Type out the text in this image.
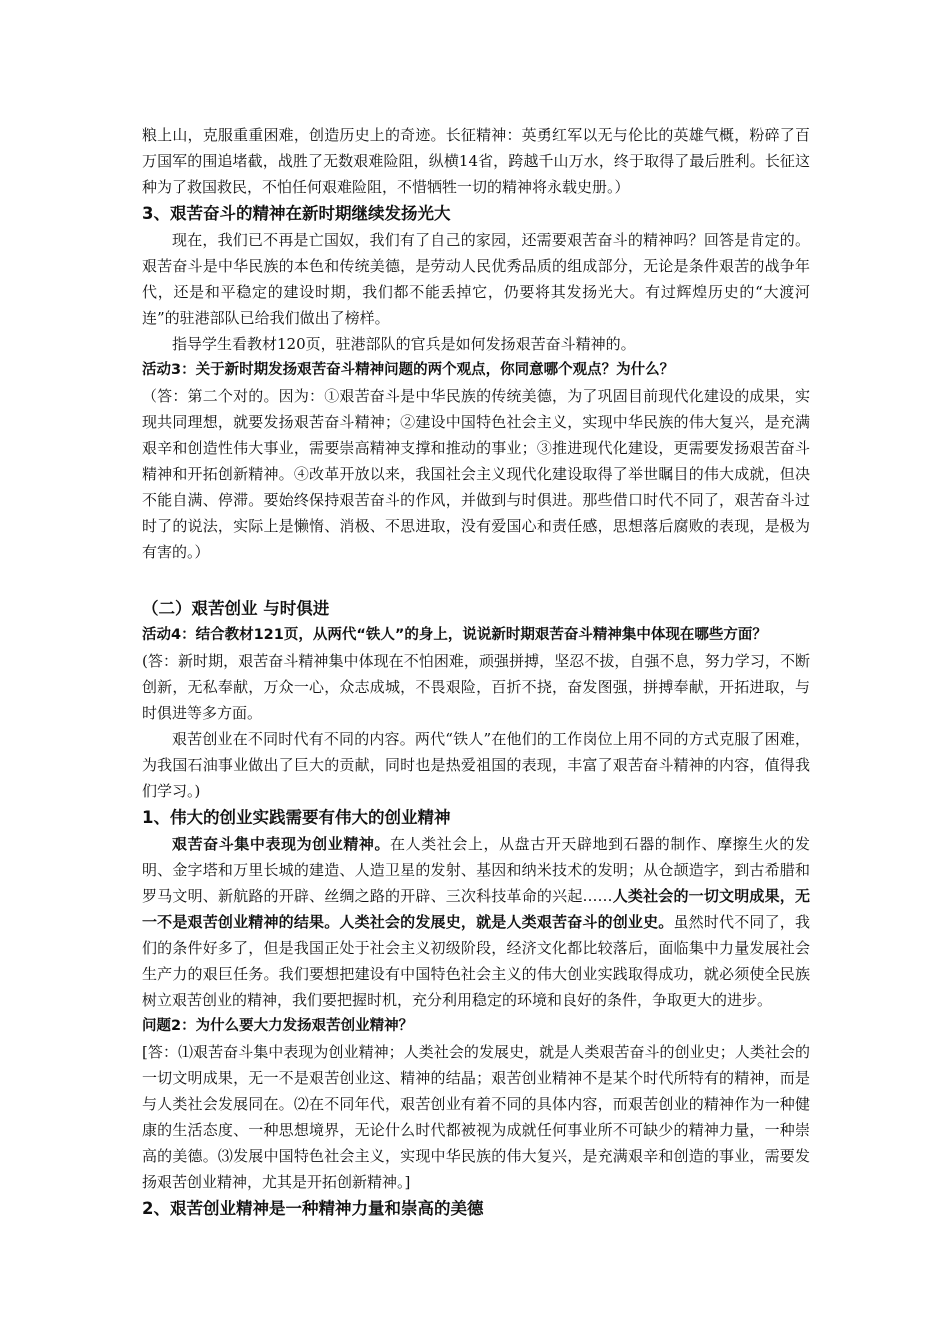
粮上山，克服重重困难，创造历史上的奇迹。长征精神：英勇红军以无与伦比的英雄气概，粉碎了百万国军的围追堵截，战胜了无数艰难险阻，纵横14省，跨越千山万水，终于取得了最后胜利。长征这种为了救国救民，不怕任何艰难险阻，不惜牺牲一切的精神将永载史册。）

3、艰苦奋斗的精神在新时期继续发扬光大

现在，我们已不再是亡国奴，我们有了自己的家园，还需要艰苦奋斗的精神吗？回答是肯定的。艰苦奋斗是中华民族的本色和传统美德，是劳动人民优秀品质的组成部分，无论是条件艰苦的战争年代，还是和平稳定的建设时期，我们都不能丢掉它，仍要将其发扬光大。有过辉煌历史的“大渡河连”的驻港部队已给我们做出了榜样。

指导学生看教材120页，驻港部队的官兵是如何发扬艰苦奋斗精神的。

活动3：关于新时期发扬艰苦奋斗精神问题的两个观点，你同意哪个观点？为什么？

（答：第二个对的。因为：①艰苦奋斗是中华民族的传统美德，为了巩固目前现代化建设的成果，实现共同理想，就要发扬艰苦奋斗精神；②建设中国特色社会主义，实现中华民族的伟大复兴，是充满艰辛和创造性伟大事业，需要崇高精神支撑和推动的事业；③推进现代化建设，更需要发扬艰苦奋斗精神和开拓创新精神。④改革开放以来，我国社会主义现代化建设取得了举世瞩目的伟大成就，但决不能自满、停滞。要始终保持艰苦奋斗的作风，并做到与时俱进。那些借口时代不同了，艰苦奋斗过时了的说法，实际上是懒惰、消极、不思进取，没有爱国心和责任感，思想落后腐败的表现，是极为有害的。）

（二）艰苦创业 与时俱进

活动4：结合教材121页，从两代“铁人”的身上，说说新时期艰苦奋斗精神集中体现在哪些方面？

(答：新时期，艰苦奋斗精神集中体现在不怕困难，顽强拼搏，坚忍不拔，自强不息，努力学习，不断创新，无私奉献，万众一心，众志成城，不畏艰险，百折不挠，奋发图强，拼搏奉献，开拓进取，与时俱进等多方面。

艰苦创业在不同时代有不同的内容。两代“铁人”在他们的工作岗位上用不同的方式克服了困难，为我国石油事业做出了巨大的贡献，同时也是热爱祖国的表现，丰富了艰苦奋斗精神的内容，值得我们学习。)

1、伟大的创业实践需要有伟大的创业精神

艰苦奋斗集中表现为创业精神。在人类社会上，从盘古开天辟地到石器的制作、摩擦生火的发明、金字塔和万里长城的建造、人造卫星的发射、基因和纳米技术的发明；从仓颉造字，到古希腊和罗马文明、新航路的开辟、丝绸之路的开辟、三次科技革命的兴起……人类社会的一切文明成果，无一不是艰苦创业精神的结果。人类社会的发展史，就是人类艰苦奋斗的创业史。虽然时代不同了，我们的条件好多了，但是我国正处于社会主义初级阶段，经济文化都比较落后，面临集中力量发展社会生产力的艰巨任务。我们要想把建设有中国特色社会主义的伟大创业实践取得成功，就必须使全民族树立艰苦创业的精神，我们要把握时机，充分利用稳定的环境和良好的条件，争取更大的进步。

问题2：为什么要大力发扬艰苦创业精神？

[答：⑴艰苦奋斗集中表现为创业精神；人类社会的发展史，就是人类艰苦奋斗的创业史；人类社会的一切文明成果，无一不是艰苦创业这、精神的结晶；艰苦创业精神不是某个时代所特有的精神，而是与人类社会发展同在。⑵在不同年代，艰苦创业有着不同的具体内容，而艰苦创业的精神作为一种健康的生活态度、一种思想境界，无论什么时代都被视为成就任何事业所不可缺少的精神力量，一种崇高的美德。⑶发展中国特色社会主义，实现中华民族的伟大复兴，是充满艰辛和创造的事业，需要发扬艰苦创业精神，尤其是开拓创新精神。]

2、艰苦创业精神是一种精神力量和崇高的美德
